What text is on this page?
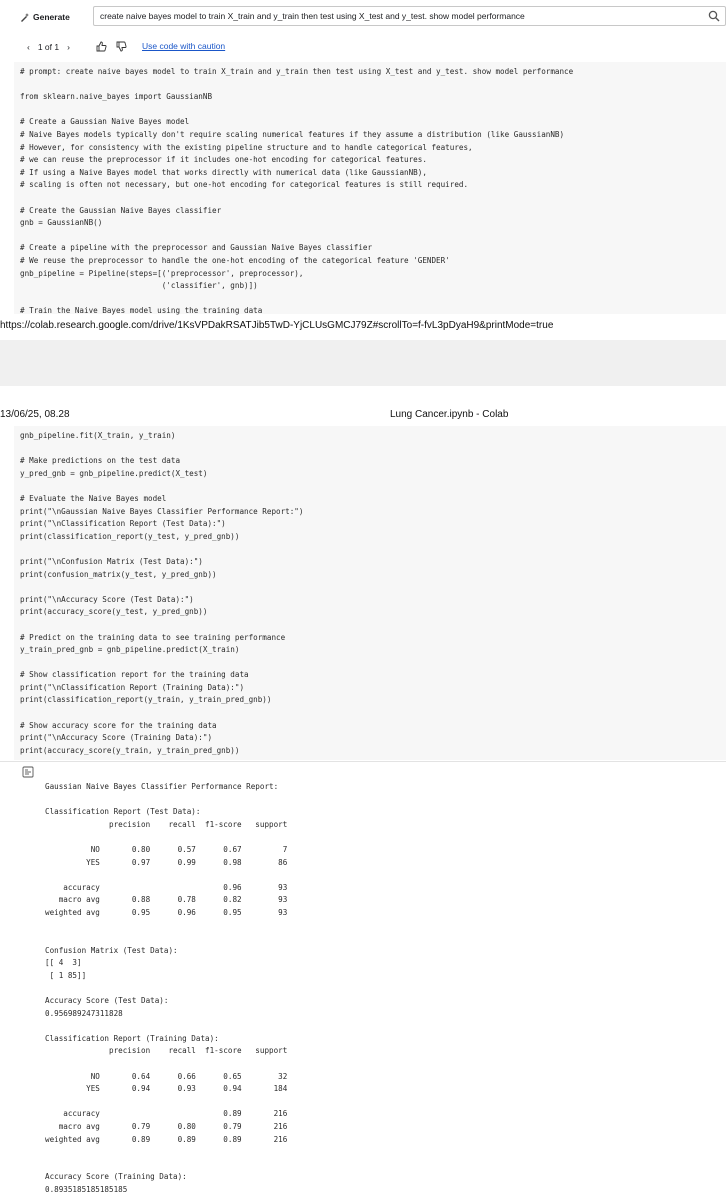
Generate
create naive bayes model to train X_train and y_train then test using X_test and y_test. show model performance
‹ 1 of 1 ›	Use code with caution
# prompt: create naive bayes model to train X_train and y_train then test using X_test and y_test. show model performance

from sklearn.naive_bayes import GaussianNB

# Create a Gaussian Naive Bayes model
# Naive Bayes models typically don't require scaling numerical features if they assume a distribution (like GaussianNB)
# However, for consistency with the existing pipeline structure and to handle categorical features,
# we can reuse the preprocessor if it includes one-hot encoding for categorical features.
# If using a Naive Bayes model that works directly with numerical data (like GaussianNB),
# scaling is often not necessary, but one-hot encoding for categorical features is still required.

# Create the Gaussian Naive Bayes classifier
gnb = GaussianNB()

# Create a pipeline with the preprocessor and Gaussian Naive Bayes classifier
# We reuse the preprocessor to handle the one-hot encoding of the categorical feature 'GENDER'
gnb_pipeline = Pipeline(steps=[('preprocessor', preprocessor),
('classifier', gnb)])

# Train the Naive Bayes model using the training data
https://colab.research.google.com/drive/1KsVPDakRSATJib5TwD-YjCLUsGMCJ79Z#scrollTo=f-fvL3pDyaH9&printMode=true
13/06/25, 08.28	Lung Cancer.ipynb - Colab
gnb_pipeline.fit(X_train, y_train)

# Make predictions on the test data
y_pred_gnb = gnb_pipeline.predict(X_test)

# Evaluate the Naive Bayes model
print("\nGaussian Naive Bayes Classifier Performance Report:")
print("\nClassification Report (Test Data):")
print(classification_report(y_test, y_pred_gnb))

print("\nConfusion Matrix (Test Data):")
print(confusion_matrix(y_test, y_pred_gnb))

print("\nAccuracy Score (Test Data):")
print(accuracy_score(y_test, y_pred_gnb))

# Predict on the training data to see training performance
y_train_pred_gnb = gnb_pipeline.predict(X_train)

# Show classification report for the training data
print("\nClassification Report (Training Data):")
print(classification_report(y_train, y_train_pred_gnb))

# Show accuracy score for the training data
print("\nAccuracy Score (Training Data):")
print(accuracy_score(y_train, y_train_pred_gnb))
Gaussian Naive Bayes Classifier Performance Report:

Classification Report (Test Data):
precision    recall  f1-score   support

NO       0.80      0.57      0.67         7
YES       0.97      0.99      0.98        86

accuracy                           0.96        93
macro avg       0.88      0.78      0.82        93
weighted avg       0.95      0.96      0.95        93

Confusion Matrix (Test Data):
[[ 4  3]
[ 1 85]]

Accuracy Score (Test Data):
0.956989247311828

Classification Report (Training Data):
precision    recall  f1-score   support

NO       0.64      0.66      0.65        32
YES       0.94      0.93      0.94       184

accuracy                           0.89       216
macro avg       0.79      0.80      0.79       216
weighted avg       0.89      0.89      0.89       216

Accuracy Score (Training Data):
0.8935185185185185
